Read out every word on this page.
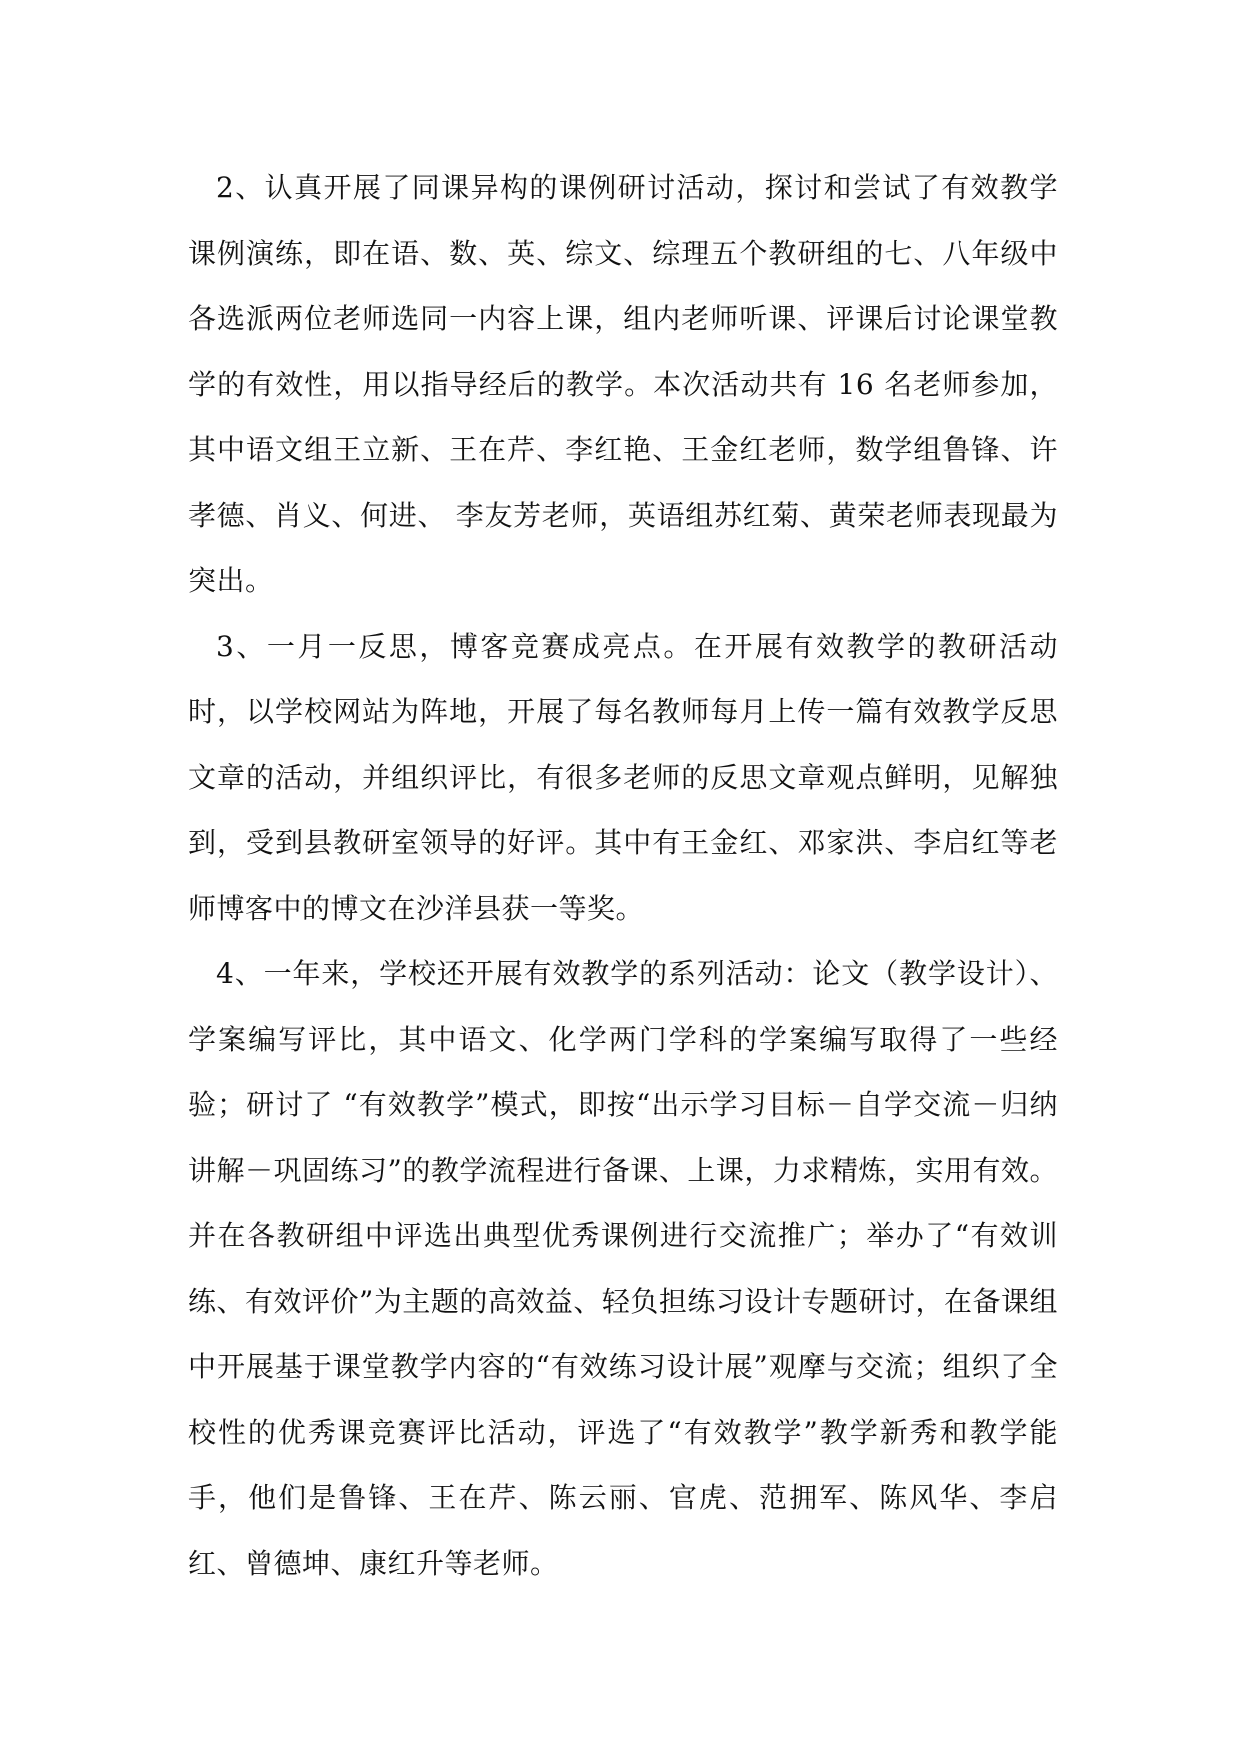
2、认真开展了同课异构的课例研讨活动，探讨和尝试了有效教学课例演练，即在语、数、英、综文、综理五个教研组的七、八年级中各选派两位老师选同一内容上课，组内老师听课、评课后讨论课堂教学的有效性，用以指导经后的教学。本次活动共有 16 名老师参加，其中语文组王立新、王在芹、李红艳、王金红老师，数学组鲁锋、许孝德、肖义、何进、 李友芳老师，英语组苏红菊、黄荣老师表现最为突出。

3、一月一反思，博客竞赛成亮点。在开展有效教学的教研活动时，以学校网站为阵地，开展了每名教师每月上传一篇有效教学反思文章的活动，并组织评比，有很多老师的反思文章观点鲜明，见解独到，受到县教研室领导的好评。其中有王金红、邓家洪、李启红等老师博客中的博文在沙洋县获一等奖。

4、一年来，学校还开展有效教学的系列活动：论文（教学设计）、学案编写评比，其中语文、化学两门学科的学案编写取得了一些经验；研讨了 “有效教学”模式，即按“出示学习目标－自学交流－归纳讲解－巩固练习”的教学流程进行备课、上课，力求精炼，实用有效。并在各教研组中评选出典型优秀课例进行交流推广；举办了“有效训练、有效评价”为主题的高效益、轻负担练习设计专题研讨，在备课组中开展基于课堂教学内容的“有效练习设计展”观摩与交流；组织了全校性的优秀课竞赛评比活动，评选了“有效教学”教学新秀和教学能手，他们是鲁锋、王在芹、陈云丽、官虎、范拥军、陈风华、李启红、曾德坤、康红升等老师。
